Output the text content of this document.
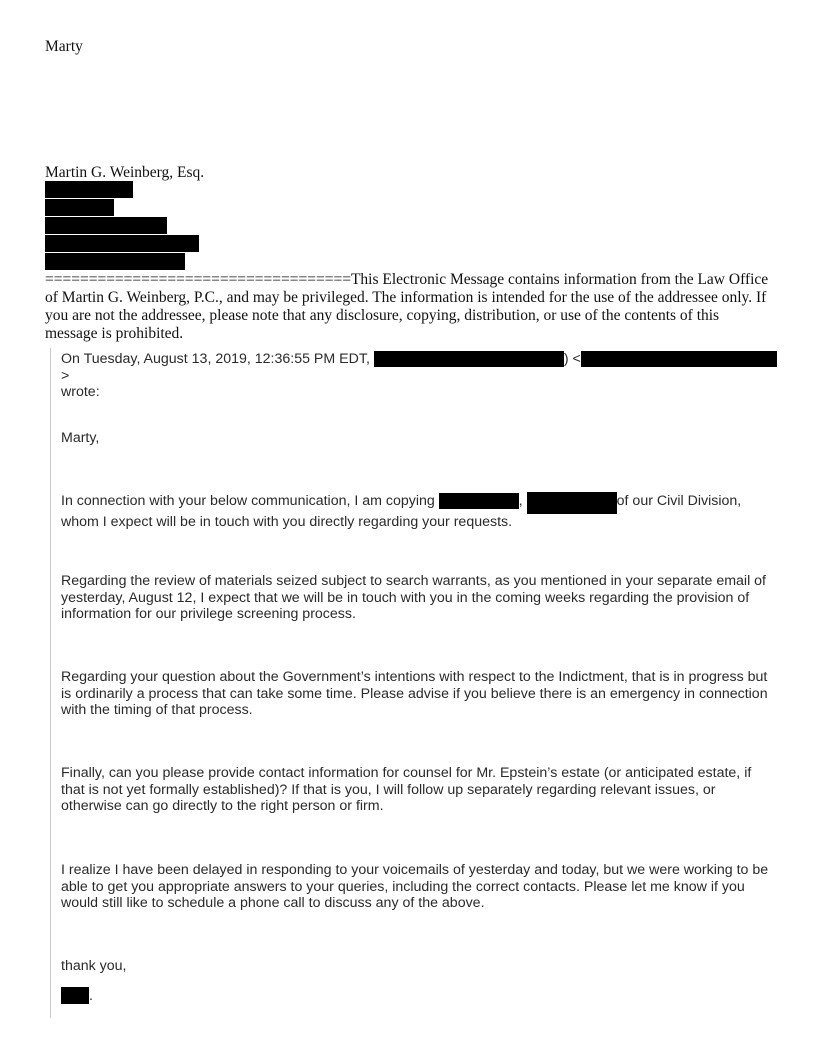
Marty
Martin G. Weinberg, Esq.
===================================This Electronic Message contains information from the Law Office of Martin G. Weinberg, P.C., and may be privileged. The information is intended for the use of the addressee only. If you are not the addressee, please note that any disclosure, copying, distribution, or use of the contents of this message is prohibited.
On Tuesday, August 13, 2019, 12:36:55 PM EDT,	) <>
wrote:
Marty,
In connection with your below communication, I am copying	,	of our Civil Division, whom I expect will be in touch with you directly regarding your requests.
Regarding the review of materials seized subject to search warrants, as you mentioned in your separate email of yesterday, August 12, I expect that we will be in touch with you in the coming weeks regarding the provision of information for our privilege screening process.
Regarding your question about the Government’s intentions with respect to the Indictment, that is in progress but is ordinarily a process that can take some time. Please advise if you believe there is an emergency in connection with the timing of that process.
Finally, can you please provide contact information for counsel for Mr. Epstein’s estate (or anticipated estate, if that is not yet formally established)? If that is you, I will follow up separately regarding relevant issues, or otherwise can go directly to the right person or firm.
I realize I have been delayed in responding to your voicemails of yesterday and today, but we were working to be able to get you appropriate answers to your queries, including the correct contacts. Please let me know if you would still like to schedule a phone call to discuss any of the above.
thank you,
.
